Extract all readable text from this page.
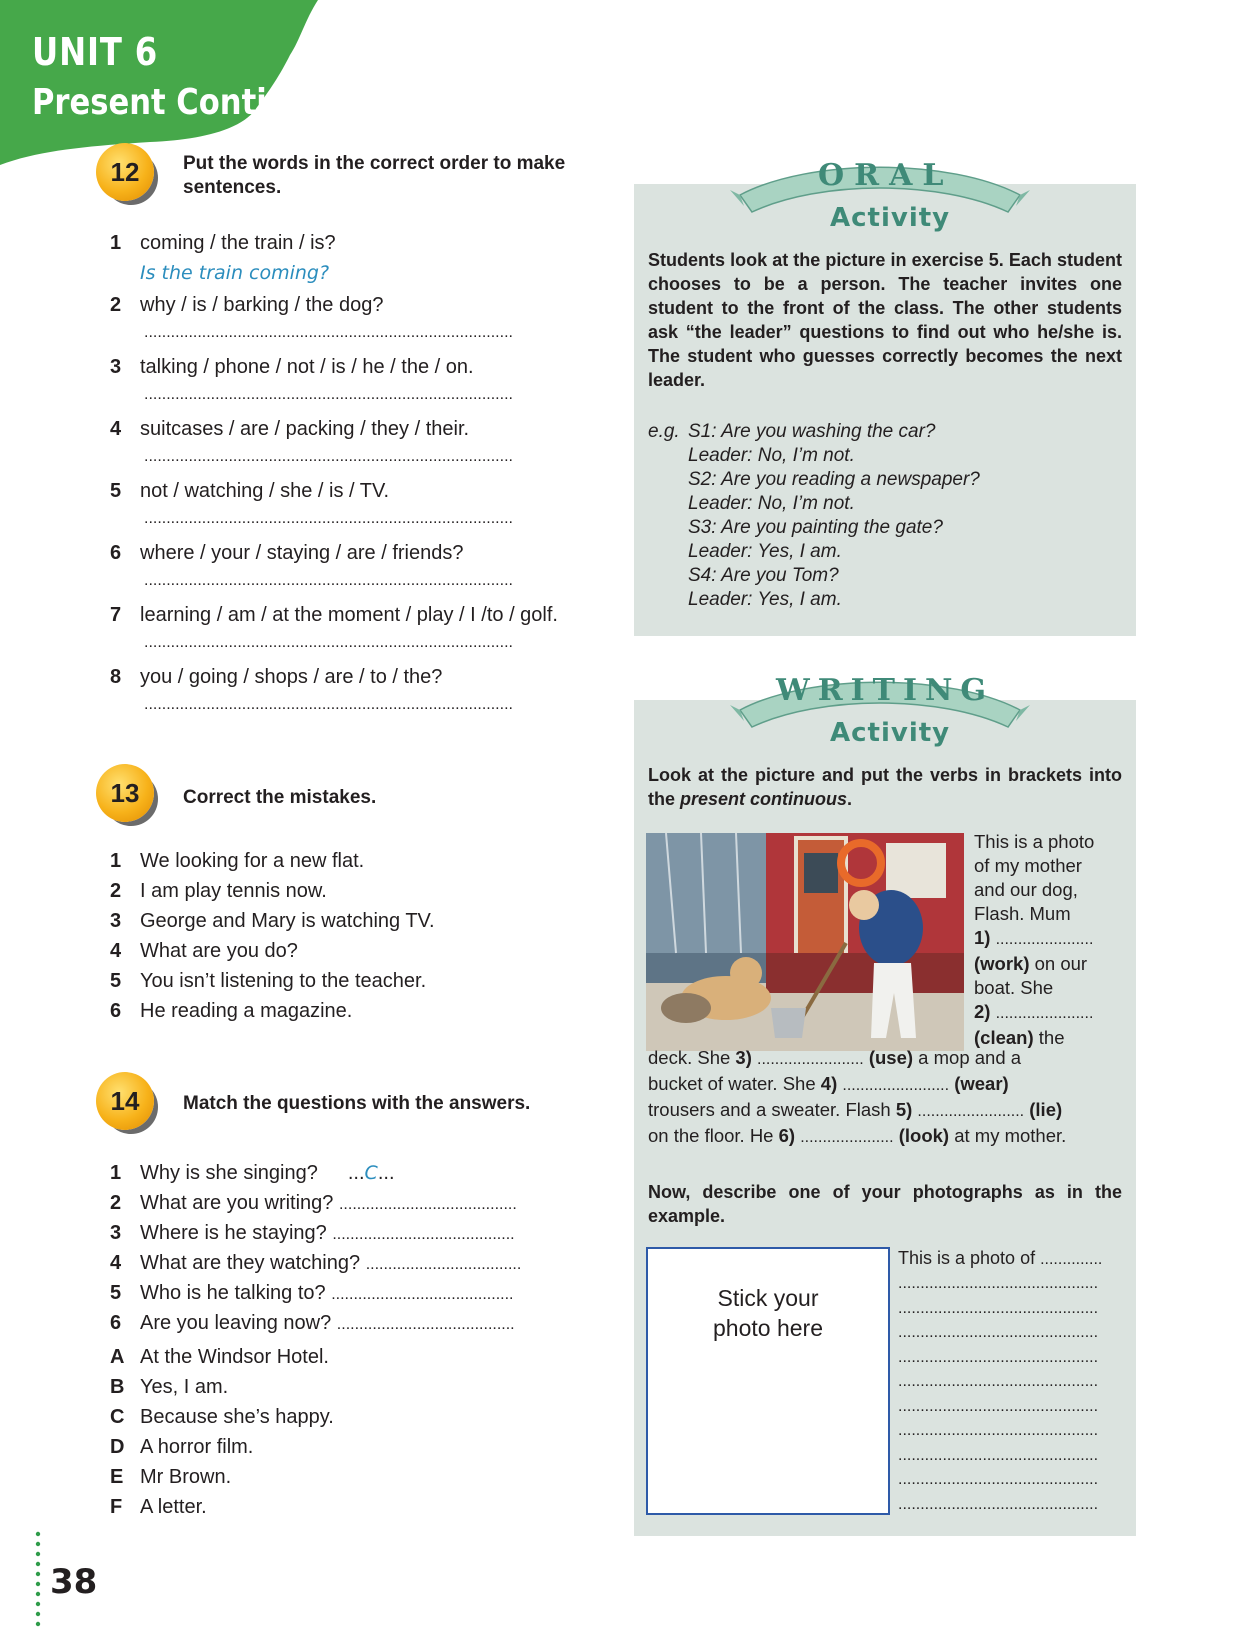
UNIT 6
Present Continuous
12	Put the words in the correct order to make sentences.
1 coming / the train / is?
Is the train coming?
2 why / is / barking / the dog?
...................................................................................
3 talking / phone / not / is / he / the / on.
...................................................................................
4 suitcases / are / packing / they / their.
...................................................................................
5 not / watching / she / is / TV.
...................................................................................
6 where / your / staying / are / friends?
...................................................................................
7 learning / am / at the moment / play / I /to / golf.
...................................................................................
8 you / going / shops / are / to / the?
...................................................................................
13	Correct the mistakes.
1 We looking for a new flat.
2 I am play tennis now.
3 George and Mary is watching TV.
4 What are you do?
5 You isn’t listening to the teacher.
6 He reading a magazine.
14	Match the questions with the answers.
1 Why is she singing? ...C...
2 What are you writing? ........................................
3 Where is he staying? .........................................
4 What are they watching? ...................................
5 Who is he talking to? .........................................
6 Are you leaving now? ........................................
A At the Windsor Hotel.
B Yes, I am.
C Because she’s happy.
D A horror film.
E Mr Brown.
F A letter.
ORAL
Activity
Students look at the picture in exercise 5. Each student chooses to be a person. The teacher invites one student to the front of the class. The other students ask “the leader” questions to find out who he/she is. The student who guesses correctly becomes the next leader.
e.g. S1: Are you washing the car?
Leader: No, I’m not.
S2: Are you reading a newspaper?
Leader: No, I’m not.
S3: Are you painting the gate?
Leader: Yes, I am.
S4: Are you Tom?
Leader: Yes, I am.
WRITING
Activity
Look at the picture and put the verbs in brackets into the present continuous.
This is a photo
of my mother
and our dog,
Flash. Mum
1) ......................
(work) on our
boat. She
2) ......................
(clean) the
deck. She 3) ........................ (use) a mop and a
bucket of water. She 4) ........................ (wear)
trousers and a sweater. Flash 5) ........................ (lie)
on the floor. He 6) ..................... (look) at my mother.
Now, describe one of your photographs as in the example.
Stick your photo here
This is a photo of ..............
.............................................
.............................................
.............................................
.............................................
.............................................
.............................................
.............................................
.............................................
.............................................
.............................................
38
